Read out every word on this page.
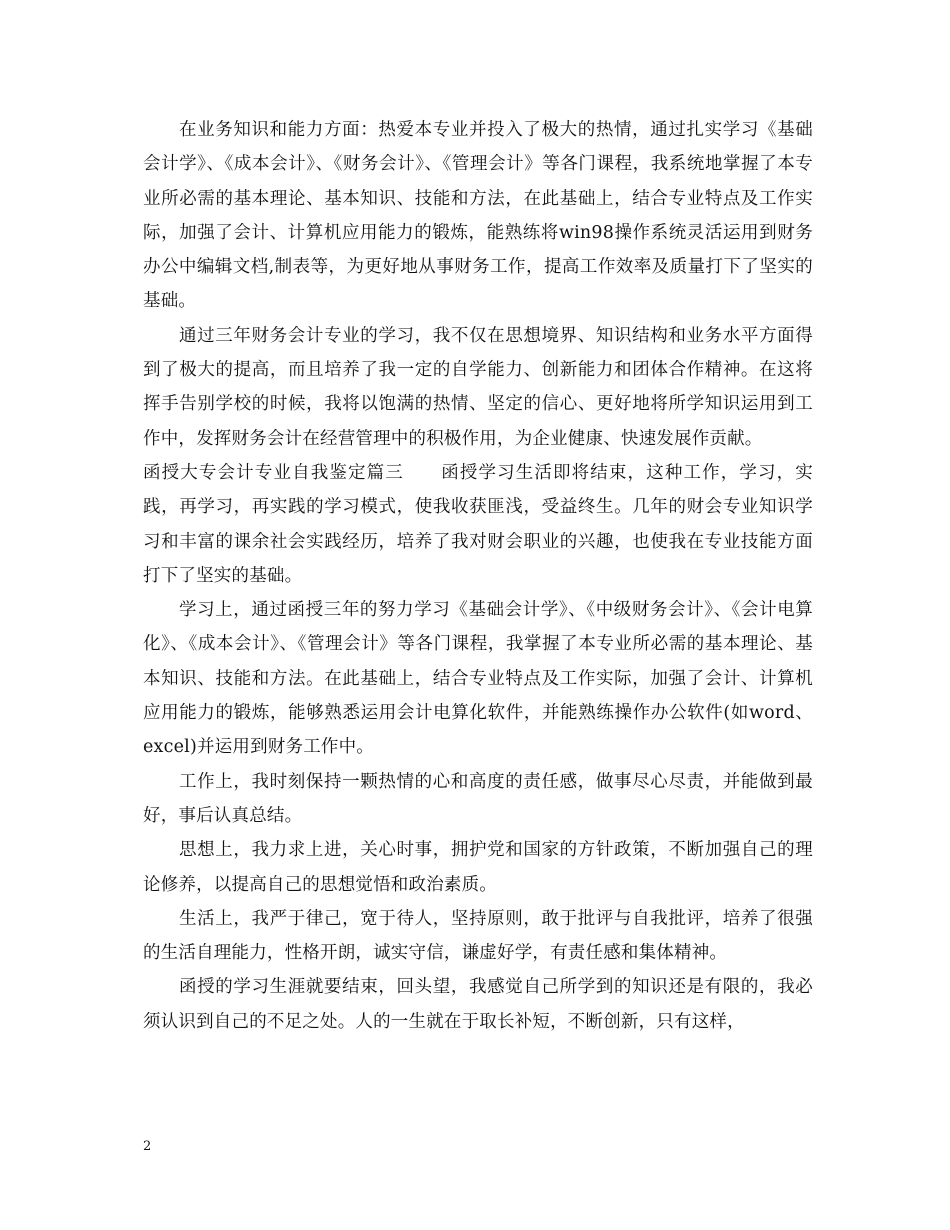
在业务知识和能力方面：热爱本专业并投入了极大的热情，通过扎实学习《基础会计学》、《成本会计》、《财务会计》、《管理会计》等各门课程，我系统地掌握了本专业所必需的基本理论、基本知识、技能和方法，在此基础上，结合专业特点及工作实际，加强了会计、计算机应用能力的锻炼，能熟练将win98操作系统灵活运用到财务办公中编辑文档,制表等，为更好地从事财务工作，提高工作效率及质量打下了坚实的基础。

通过三年财务会计专业的学习，我不仅在思想境界、知识结构和业务水平方面得到了极大的提高，而且培养了我一定的自学能力、创新能力和团体合作精神。在这将挥手告别学校的时候，我将以饱满的热情、坚定的信心、更好地将所学知识运用到工作中，发挥财务会计在经营管理中的积极作用，为企业健康、快速发展作贡献。

函授大专会计专业自我鉴定篇三　　函授学习生活即将结束，这种工作，学习，实践，再学习，再实践的学习模式，使我收获匪浅，受益终生。几年的财会专业知识学习和丰富的课余社会实践经历，培养了我对财会职业的兴趣，也使我在专业技能方面打下了坚实的基础。

学习上，通过函授三年的努力学习《基础会计学》、《中级财务会计》、《会计电算化》、《成本会计》、《管理会计》等各门课程，我掌握了本专业所必需的基本理论、基本知识、技能和方法。在此基础上，结合专业特点及工作实际，加强了会计、计算机应用能力的锻炼，能够熟悉运用会计电算化软件，并能熟练操作办公软件(如word、excel)并运用到财务工作中。

工作上，我时刻保持一颗热情的心和高度的责任感，做事尽心尽责，并能做到最好，事后认真总结。

思想上，我力求上进，关心时事，拥护党和国家的方针政策，不断加强自己的理论修养，以提高自己的思想觉悟和政治素质。

生活上，我严于律己，宽于待人，坚持原则，敢于批评与自我批评，培养了很强的生活自理能力，性格开朗，诚实守信，谦虚好学，有责任感和集体精神。

函授的学习生涯就要结束，回头望，我感觉自己所学到的知识还是有限的，我必须认识到自己的不足之处。人的一生就在于取长补短，不断创新，只有这样，

2
